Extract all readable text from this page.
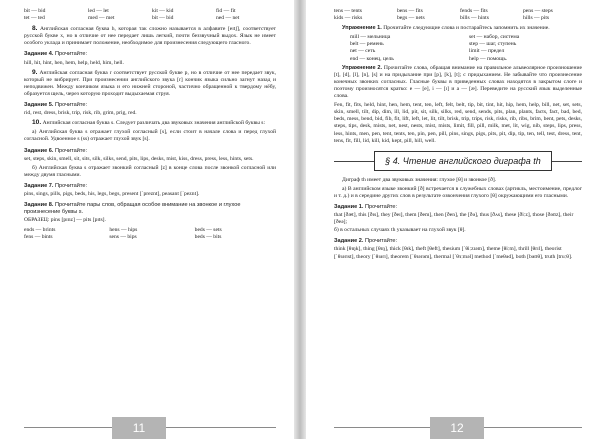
bit — bid	led — let	kit — kid	fid — fit
tet — ted	med — met	bit — bid	ned — net
8. Английская согласная буква h, которая так сложно называется в алфавите [eɪtʃ], соответствует русской букве х, но в отличие от нее передает лишь легкий, почти беззвучный выдох. Язык не имеет особого уклада и принимает положение, необходимое для произнесения следующего гласного.
Задание 4. Прочитайте:
hill, hit, hint, hen, hem, help, held, him, hell.
9. Английская согласная буква r соответствует русской букве р, но в отличие от нее передает звук, который не вибрирует. При произнесении английского звука [r] кончик языка сильно загнут назад и неподвижен. Между кончиком языка и его нижней стороной, частично обращенной к твердому нёбу, образуется щель, через которую проходит выдыхаемая струя.
Задание 5. Прочитайте:
rid, rest, dress, brisk, trip, risk, rib, grim, prig, red.
10. Английская согласная буква s. Следует различать два звуковых значения английской буквы s:
а) Английская буква s отражает глухой согласный [s], если стоит в начале слова и перед глухой согласной. Удвоенное s (ss) отражает глухой звук [s].
Задание 6. Прочитайте:
set, steps, skin, smell, sit, sits, silk, silks, send, pits, lips, desks, mist, kiss, dress, press, less, hints, sets.
б) Английская буква s отражает звонкий согласный [z] в конце слова после звонкой согласной или между двумя гласными.
Задание 7. Прочитайте:
pins, sings, pills, pigs, beds, his, legs, begs, present [ˈpreznt], peasant [ˈpeznt].
Задание 8. Прочитайте пары слов, обращая особое внимание на звонкое и глухое произнесение буквы s.
ОБРАЗЕЦ: pins [pɪnz] — pits [pɪts].
ends — brints	hens — hips	beds — sets
fens — bints	sens — bips	beds — bits
11
tens — tents	bens — fits	fends — fits	pens — steps
kids — risks	begs — nets	bills — hints	hills — pits
Упражнение 1. Прочитайте следующие слова и постарайтесь запомнить их значение.
mill — мельница	set — набор, система
belt — ремень	step — шаг, ступень
net — сеть	limit — предел
end — конец, цель	help — помощь.
Упражнение 2. Прочитайте слова, обращая внимание на правильное альвеолярное произношение [t], [d], [l], [n], [s] и на придыхание при [p], [k], [t]; с придыханием. Не забывайте что произнесение конечных звонких согласных. Гласные буквы в приведенных словах находятся в закрытом слоге и поэтому произносятся кратко: e — [e], i — [ɪ] и a — [æ]. Переведите на русский язык выделенные слова.
Fen, fit, fits, held, hint, hen, hem, tent, ten, left, felt, belt, tip, bit, tint, hit, hip, hem, help, bill, net, set, sets, skin, smell, tilt, dip, dim, ill, lid, pit, sit, silk, silks, red, send, sends, pits, plan, plants, facts, fact, bad, bed, beds, mess, bend, bid, fib, fit, lift, left, let, lit, tilt, brisk, trip, trips, risk, risks, rib, ribs, brim, bent, pets, desks, steps, tips, desk, mists, net, nest, nests, mist, mists, limit, fill, pill, milk, met, lit, wig, nib, steps, lips, press, less, hints, men, pen, tent, tents, ten, pin, pen, pill, pins, sings, pigs, pits, pit, dip, tip, ten, tell, test, dress, tent, tens, fit, fill, lid, kill, kid, kept, pill, hill, well.
§ 4. Чтение английского диграфа th
Диграф th имеет два звуковых значения: глухое [θ] и звонкое [ð].
а) В английском языке звонкий [ð] встречается в служебных словах (артикль, местоимение, предлог и т. д.) и в середине других слов в результате озвончения глухого [θ] окружающими его гласными.
Задание 1. Прочитайте:
that [ðæt], this [ðɪs], they [ðeɪ], them [ðem], then [ðen], the [ðə], thus [ðʌs], these [ðiːz], those [ðəʊz], their [ðeə];
б) в остальных случаях th указывает на глухой звук [θ].
Задание 2. Прочитайте:
think [θɪŋk], thing [θɪŋ], thick [θɪk], theft [θeft], thesium [ˈθiːzɪəm], theme [θiːm], thrill [θrɪl], theorist [ˈθɪərɪst], theory [ˈθɪərɪ], theorem [ˈθɪərəm], thermal [ˈθɜːməl] method [ˈmeθəd], both [bəʊθ], truth [truːθ].
12
